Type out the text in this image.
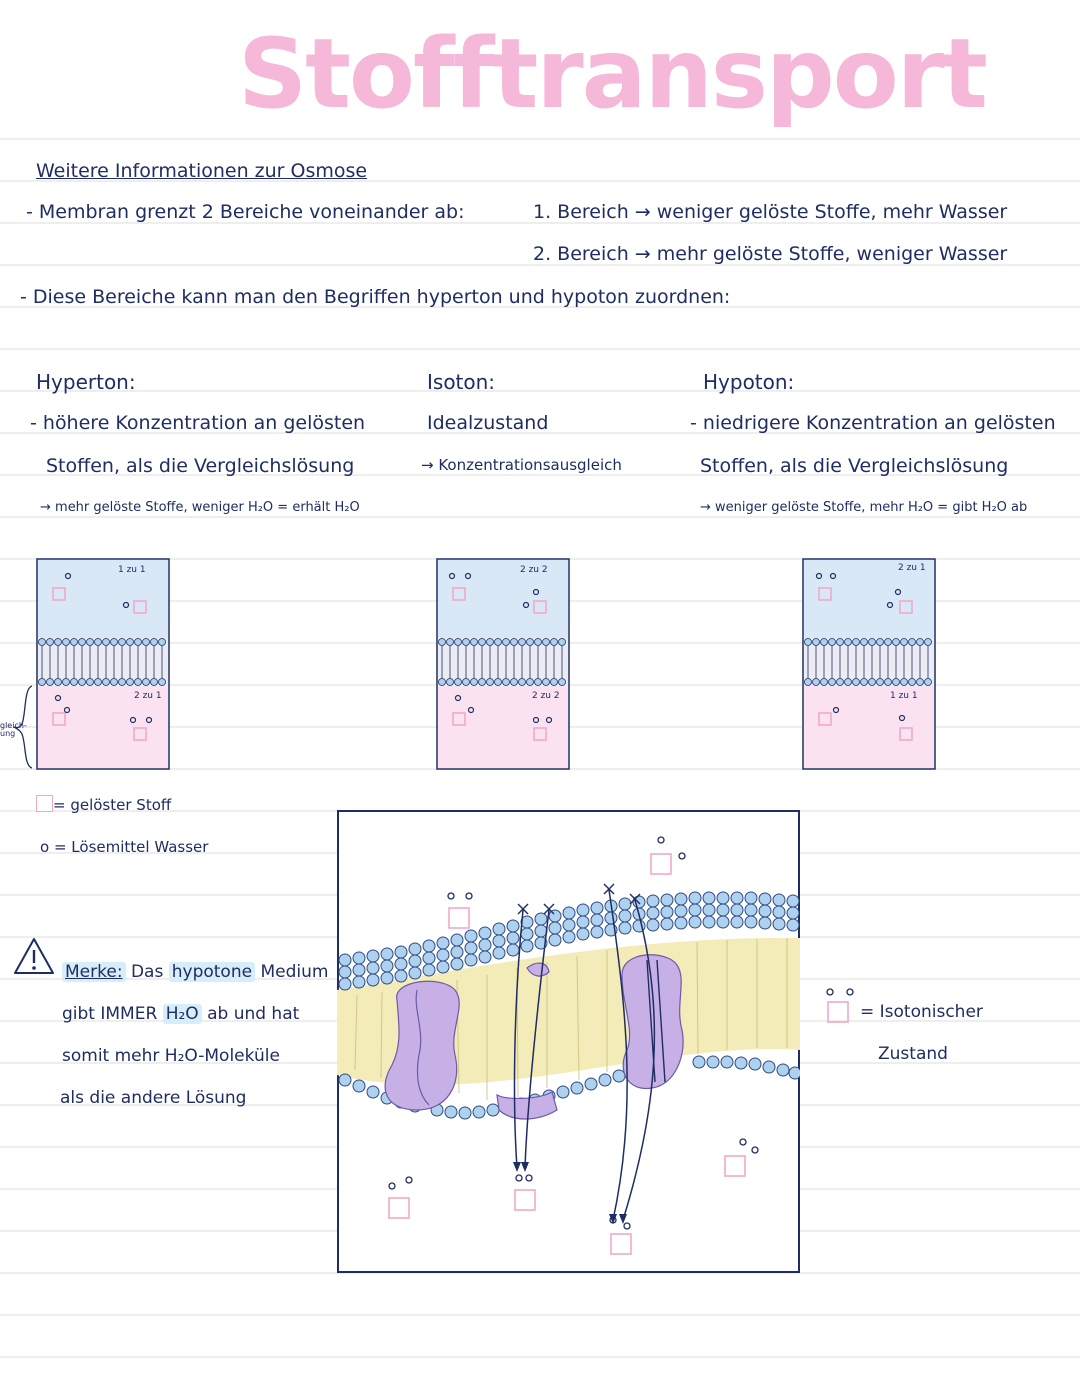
Stofftransport
Weitere Informationen zur Osmose
- Membran grenzt 2 Bereiche voneinander ab:	1. Bereich → weniger gelöste Stoffe, mehr Wasser
2. Bereich → mehr gelöste Stoffe, weniger Wasser
- Diese Bereiche kann man den Begriffen hyperton und hypoton zuordnen:
Hyperton:
- höhere Konzentration an gelösten
Stoffen, als die Vergleichslösung
→ mehr gelöste Stoffe, weniger H₂O = erhält H₂O
Isoton:
Idealzustand
→ Konzentrationsausgleich
Hypoton:
- niedrigere Konzentration an gelösten
Stoffen, als die Vergleichslösung
→ weniger gelöste Stoffe, mehr H₂O = gibt H₂O ab
gleich-ung
1 zu 1
2 zu 1
2 zu 2
2 zu 2
2 zu 1
1 zu 1
= gelöster Stoff
o = Lösemittel Wasser
Merke: Das hypotone Medium
gibt IMMER H₂O ab und hat
somit mehr H₂O-Moleküle
als die andere Lösung
= Isotonischer
Zustand
